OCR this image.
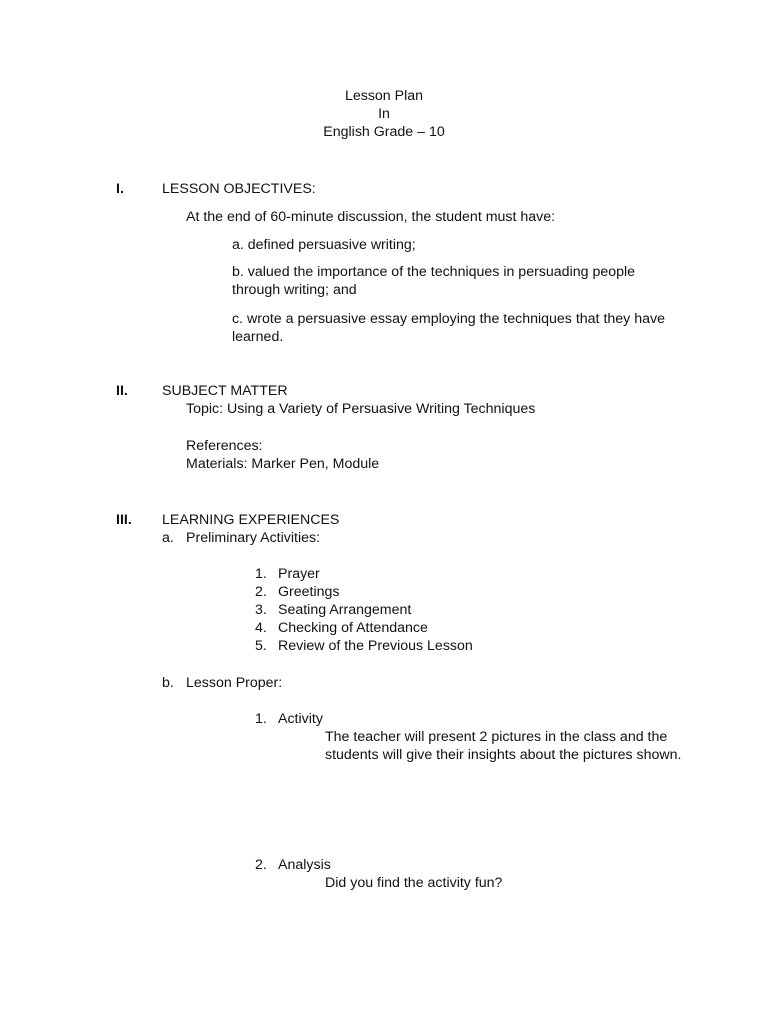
Lesson Plan
In
English Grade – 10
I.	LESSON OBJECTIVES:
At the end of 60-minute discussion, the student must have:
a. defined persuasive writing;
b. valued the importance of the techniques in persuading people through writing; and
c. wrote a persuasive essay employing the techniques that they have learned.
II. SUBJECT MATTER
Topic: Using a Variety of Persuasive Writing Techniques
References:
Materials: Marker Pen, Module
III. LEARNING EXPERIENCES
a. Preliminary Activities:
1. Prayer
2. Greetings
3. Seating Arrangement
4. Checking of Attendance
5. Review of the Previous Lesson
b. Lesson Proper:
1. Activity
The teacher will present 2 pictures in the class and the students will give their insights about the pictures shown.
2. Analysis
Did you find the activity fun?
